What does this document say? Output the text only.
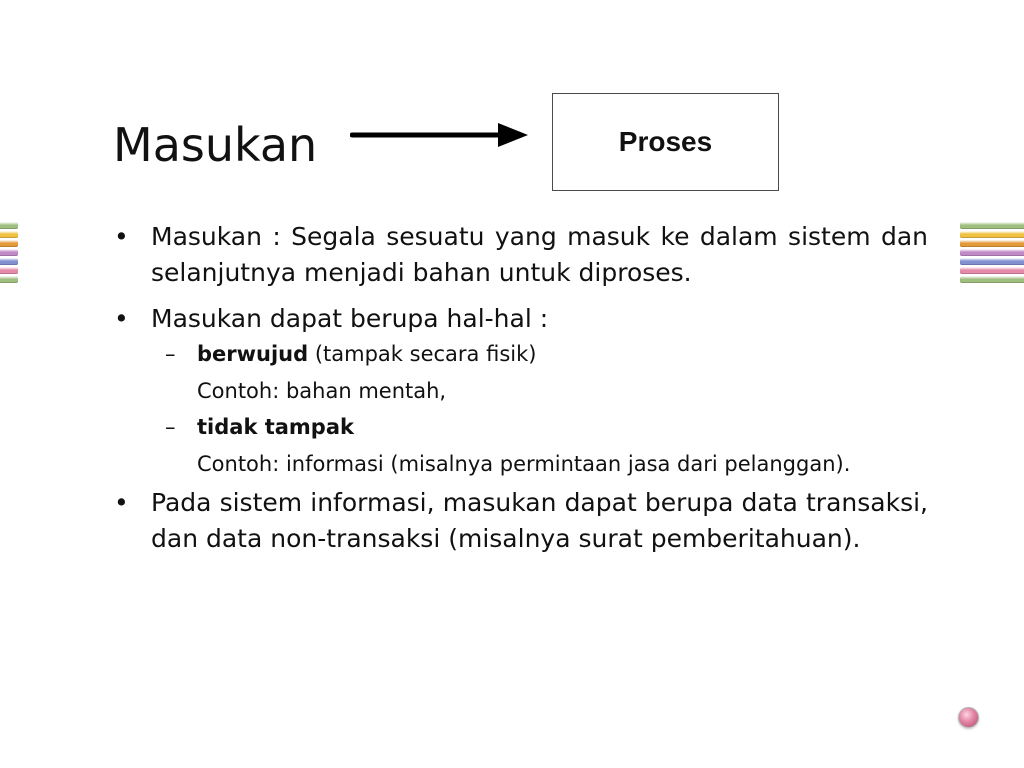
Masukan	Proses
• Masukan : Segala sesuatu yang masuk ke dalam sistem dan selanjutnya menjadi bahan untuk diproses.
• Masukan dapat berupa hal-hal :
– berwujud (tampak secara fisik)
Contoh: bahan mentah,
– tidak tampak
Contoh: informasi (misalnya permintaan jasa dari pelanggan).
• Pada sistem informasi, masukan dapat berupa data transaksi, dan data non-transaksi (misalnya surat pemberitahuan).
